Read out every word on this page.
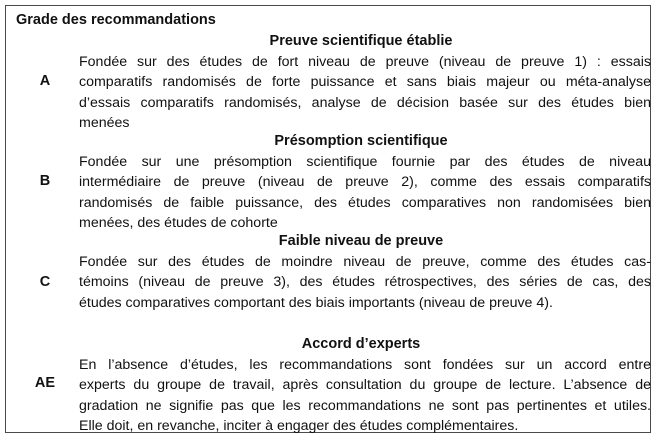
Grade des recommandations
Preuve scientifique établie
A
Fondée sur des études de fort niveau de preuve (niveau de preuve 1) : essais
comparatifs randomisés de forte puissance et sans biais majeur ou méta-analyse
d’essais comparatifs randomisés, analyse de décision basée sur des études bien
menées
Présomption scientifique
B
Fondée sur une présomption scientifique fournie par des études de niveau
intermédiaire de preuve (niveau de preuve 2), comme des essais comparatifs
randomisés de faible puissance, des études comparatives non randomisées bien
menées, des études de cohorte
Faible niveau de preuve
C
Fondée sur des études de moindre niveau de preuve, comme des études cas-
témoins (niveau de preuve 3), des études rétrospectives, des séries de cas, des
études comparatives comportant des biais importants (niveau de preuve 4).
Accord d’experts
AE
En l’absence d’études, les recommandations sont fondées sur un accord entre
experts du groupe de travail, après consultation du groupe de lecture. L’absence de
gradation ne signifie pas que les recommandations ne sont pas pertinentes et utiles.
Elle doit, en revanche, inciter à engager des études complémentaires.
